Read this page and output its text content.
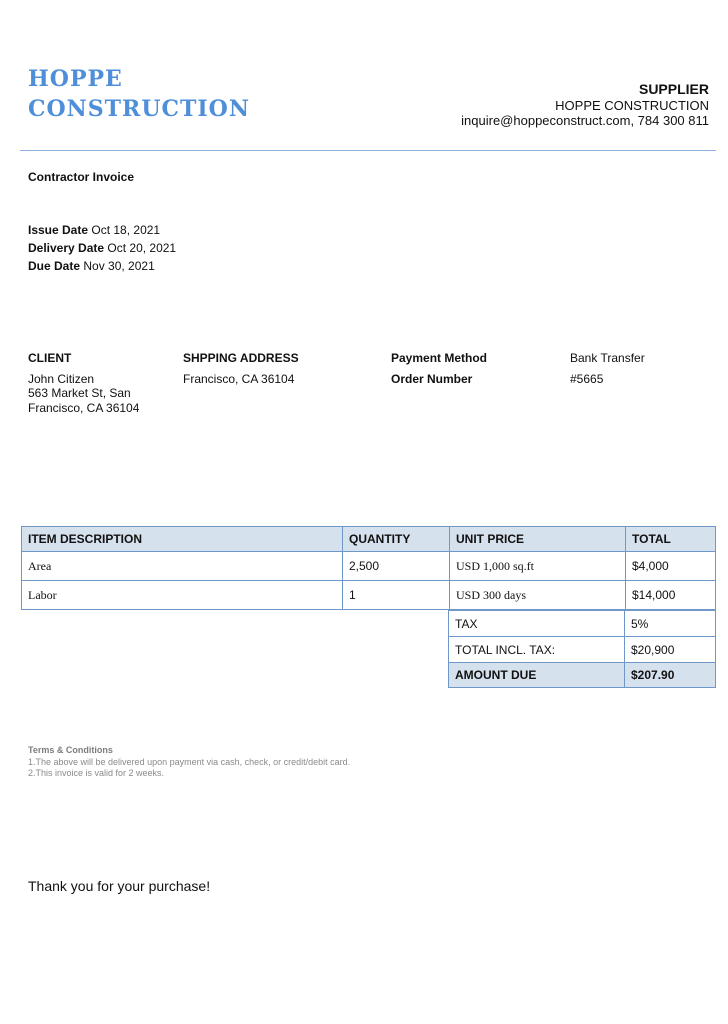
HOPPE
CONSTRUCTION
SUPPLIER
HOPPE CONSTRUCTION
inquire@hoppeconstruct.com, 784 300 811
Contractor Invoice
Issue Date Oct 18, 2021
Delivery Date Oct 20, 2021
Due Date Nov 30, 2021
CLIENT
John Citizen
563 Market St, San
Francisco, CA 36104
SHPPING ADDRESS
Francisco, CA 36104
Payment Method	Bank Transfer
Order Number	#5665
ITEM DESCRIPTION	QUANTITY	UNIT PRICE	TOTAL
Area	2,500	USD 1,000 sq.ft	$4,000
Labor	1	USD 300 days	$14,000
TAX	5%
TOTAL INCL. TAX:	$20,900
AMOUNT DUE	$207.90
Terms & Conditions
1.The above will be delivered upon payment via cash, check, or credit/debit card.
2.This invoice is valid for 2 weeks.
Thank you for your purchase!
